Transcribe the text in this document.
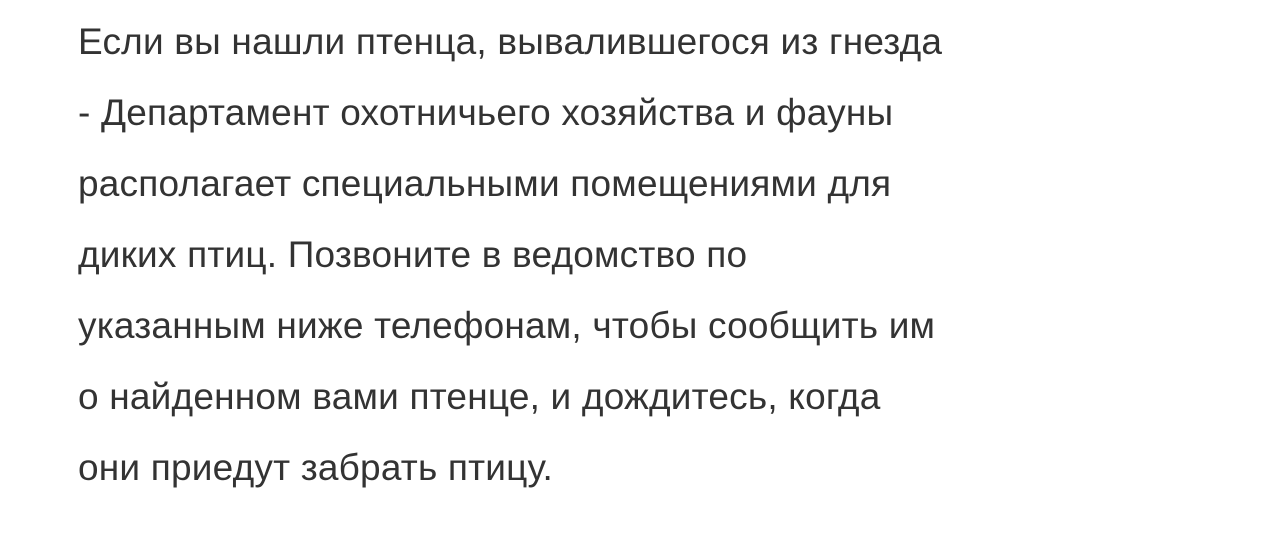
Если вы нашли птенца, вывалившегося из гнезда
- Департамент охотничьего хозяйства и фауны
располагает специальными помещениями для
диких птиц. Позвоните в ведомство по
указанным ниже телефонам, чтобы сообщить им
о найденном вами птенце, и дождитесь, когда
они приедут забрать птицу.
